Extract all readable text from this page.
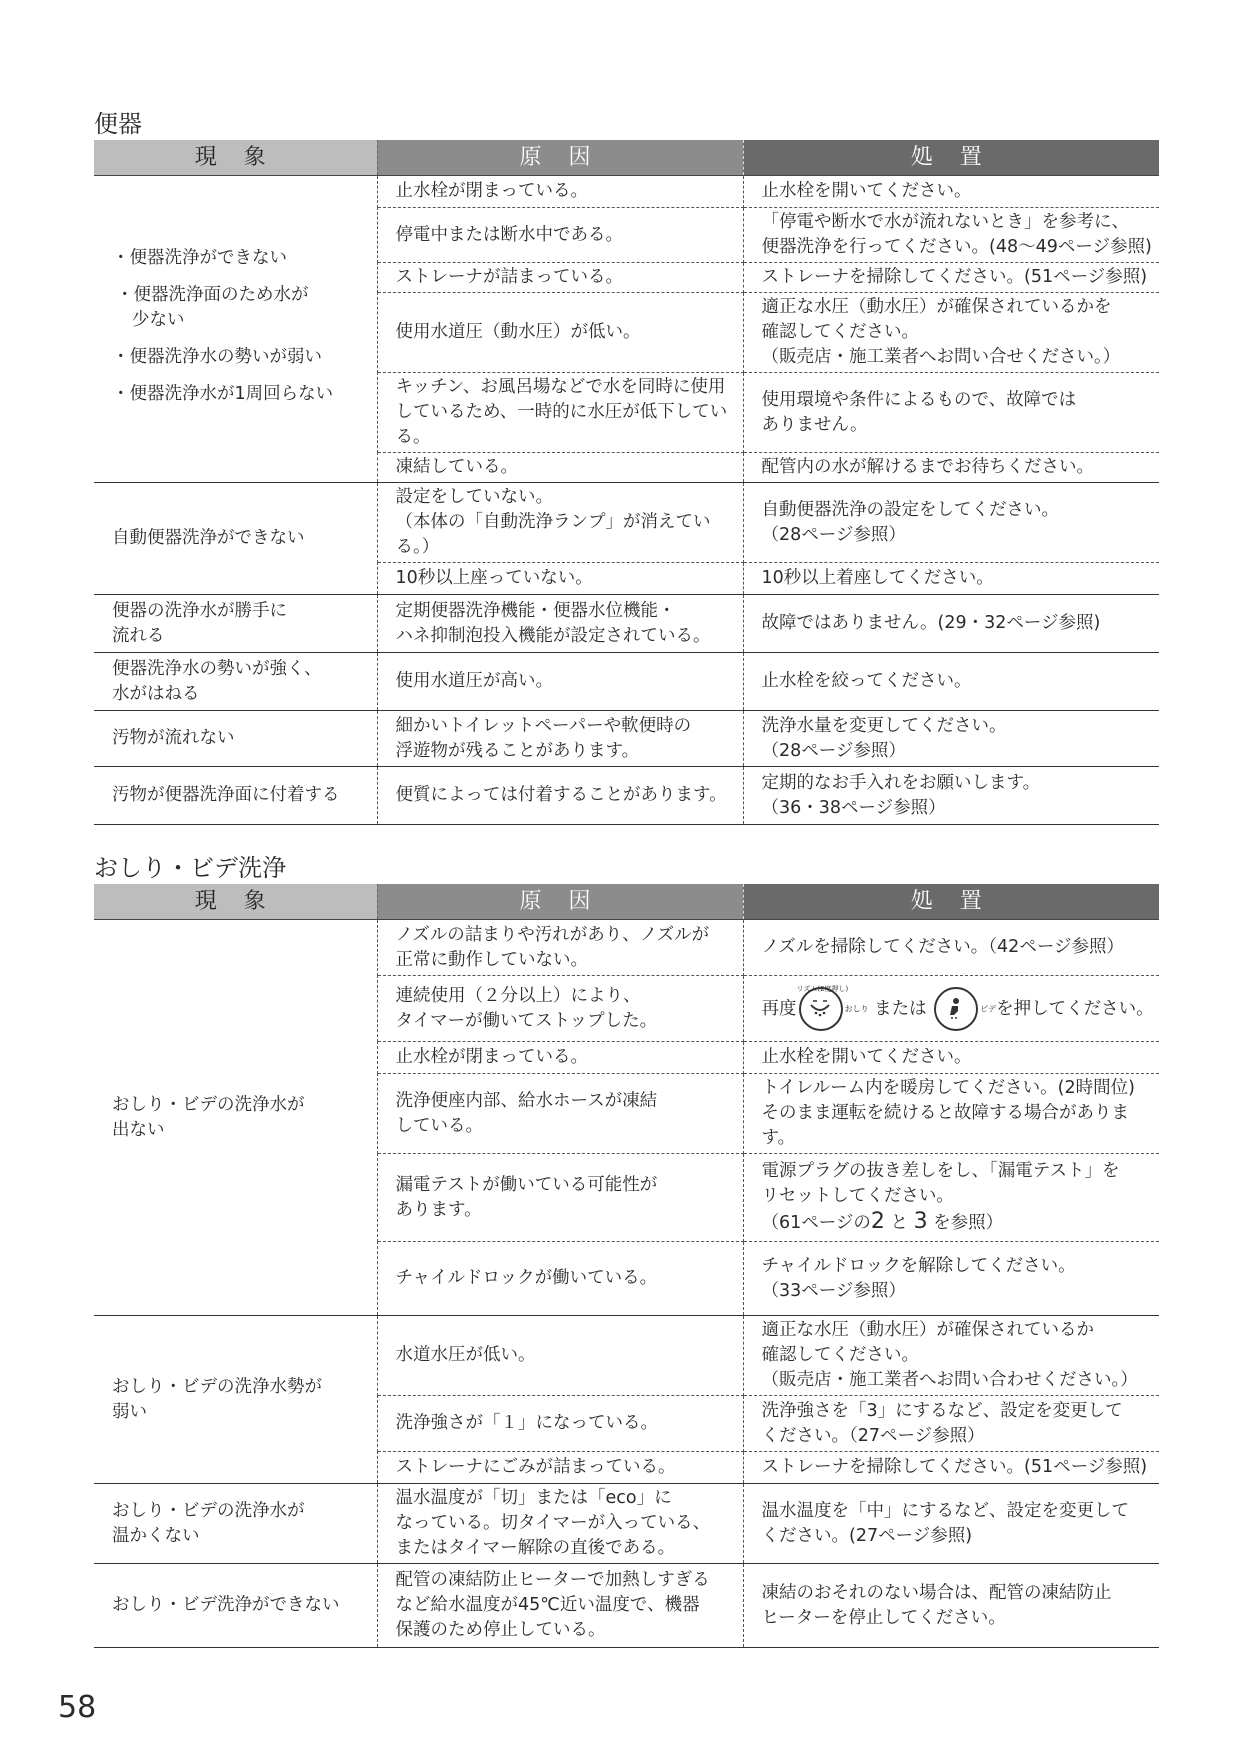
便器
現 象	原 因	処 置

・便器洗浄ができない
・便器洗浄面のため水が
少ない
・便器洗浄水の勢いが弱い
・便器洗浄水が1周回らない	止水栓が閉まっている。	止水栓を開いてください。

	停電中または断水中である。	「停電や断水で水が流れないとき」を参考に、
便器洗浄を行ってください。(48〜49ページ参照)

	ストレーナが詰まっている。	ストレーナを掃除してください。(51ページ参照)

	使用水道圧（動水圧）が低い。	適正な水圧（動水圧）が確保されているかを
確認してください。
（販売店・施工業者へお問い合せください。）

	キッチン、お風呂場などで水を同時に使用
しているため、一時的に水圧が低下している。	使用環境や条件によるもので、故障では
ありません。

	凍結している。	配管内の水が解けるまでお待ちください。

自動便器洗浄ができない	設定をしていない。
（本体の「自動洗浄ランプ」が消えている。）	自動便器洗浄の設定をしてください。
（28ページ参照）

	10秒以上座っていない。	10秒以上着座してください。

便器の洗浄水が勝手に
流れる	定期便器洗浄機能・便器水位機能・
ハネ抑制泡投入機能が設定されている。	故障ではありません。(29・32ページ参照)

便器洗浄水の勢いが強く、
水がはねる	使用水道圧が高い。	止水栓を絞ってください。

汚物が流れない	細かいトイレットペーパーや軟便時の
浮遊物が残ることがあります。	洗浄水量を変更してください。
（28ページ参照）

汚物が便器洗浄面に付着する	便質によっては付着することがあります。	定期的なお手入れをお願いします。
（36・38ページ参照）
おしり・ビデ洗浄
現 象	原 因	処 置

おしり・ビデの洗浄水が
出ない	ノズルの詰まりや汚れがあり、ノズルが
正常に動作していない。	ノズルを掃除してください。（42ページ参照）

	連続使用（２分以上）により、
タイマーが働いてストップした。	再度
リズム(2度押し)
おしり または ビデを押してください。

	止水栓が閉まっている。	止水栓を開いてください。

	洗浄便座内部、給水ホースが凍結
している。	トイレルーム内を暖房してください。(2時間位)
そのまま運転を続けると故障する場合があります。

	漏電テストが働いている可能性が
あります。	電源プラグの抜き差しをし、「漏電テスト」を
リセットしてください。
（61ページの2 と 3 を参照）

	チャイルドロックが働いている。	チャイルドロックを解除してください。
（33ページ参照）

おしり・ビデの洗浄水勢が
弱い	水道水圧が低い。	適正な水圧（動水圧）が確保されているか
確認してください。
（販売店・施工業者へお問い合わせください。）

	洗浄強さが「１」になっている。	洗浄強さを「3」にするなど、設定を変更して
ください。（27ページ参照）

	ストレーナにごみが詰まっている。	ストレーナを掃除してください。(51ページ参照)

おしり・ビデの洗浄水が
温かくない	温水温度が「切」または「eco」に
なっている。切タイマーが入っている、
またはタイマー解除の直後である。	温水温度を「中」にするなど、設定を変更して
ください。(27ページ参照)

おしり・ビデ洗浄ができない	配管の凍結防止ヒーターで加熱しすぎる
など給水温度が45℃近い温度で、機器
保護のため停止している。	凍結のおそれのない場合は、配管の凍結防止
ヒーターを停止してください。
58
